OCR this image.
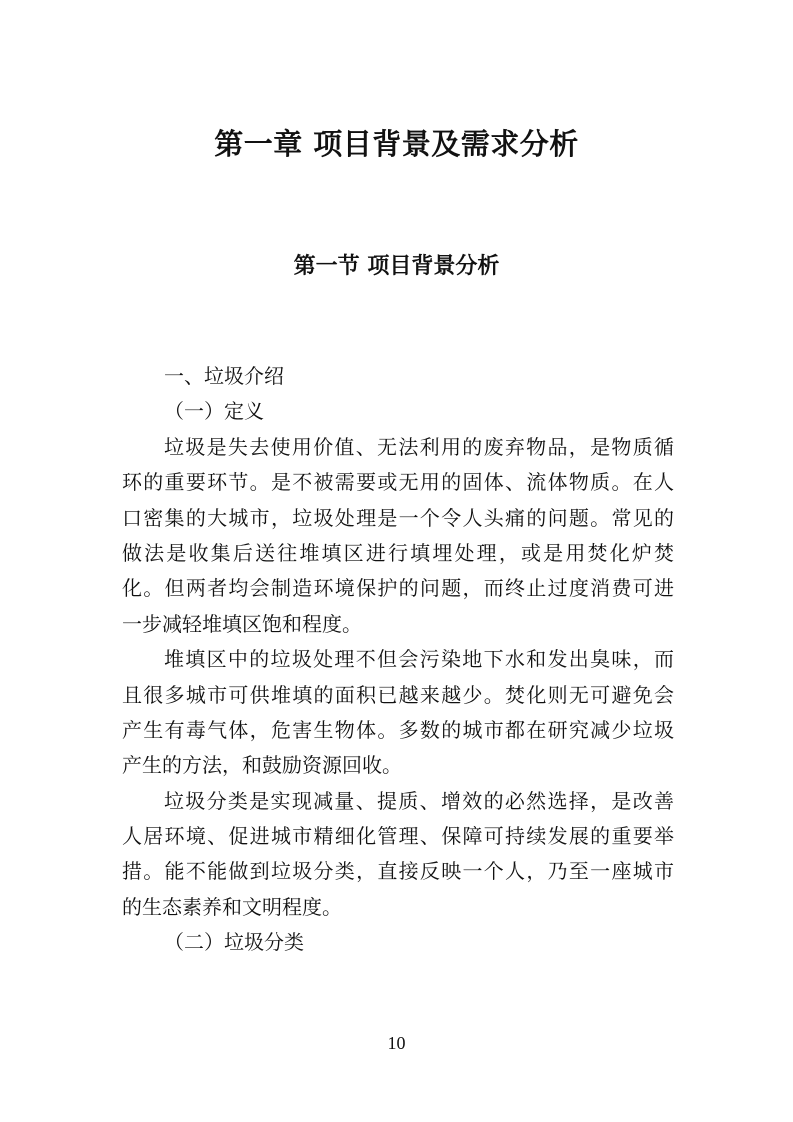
第一章 项目背景及需求分析
第一节 项目背景分析
一、垃圾介绍
（一）定义
垃圾是失去使用价值、无法利用的废弃物品，是物质循
环的重要环节。是不被需要或无用的固体、流体物质。在人
口密集的大城市，垃圾处理是一个令人头痛的问题。常见的
做法是收集后送往堆填区进行填埋处理，或是用焚化炉焚
化。但两者均会制造环境保护的问题，而终止过度消费可进
一步减轻堆填区饱和程度。
堆填区中的垃圾处理不但会污染地下水和发出臭味，而
且很多城市可供堆填的面积已越来越少。焚化则无可避免会
产生有毒气体，危害生物体。多数的城市都在研究减少垃圾
产生的方法，和鼓励资源回收。
垃圾分类是实现减量、提质、增效的必然选择，是改善
人居环境、促进城市精细化管理、保障可持续发展的重要举
措。能不能做到垃圾分类，直接反映一个人，乃至一座城市
的生态素养和文明程度。
（二）垃圾分类
10
